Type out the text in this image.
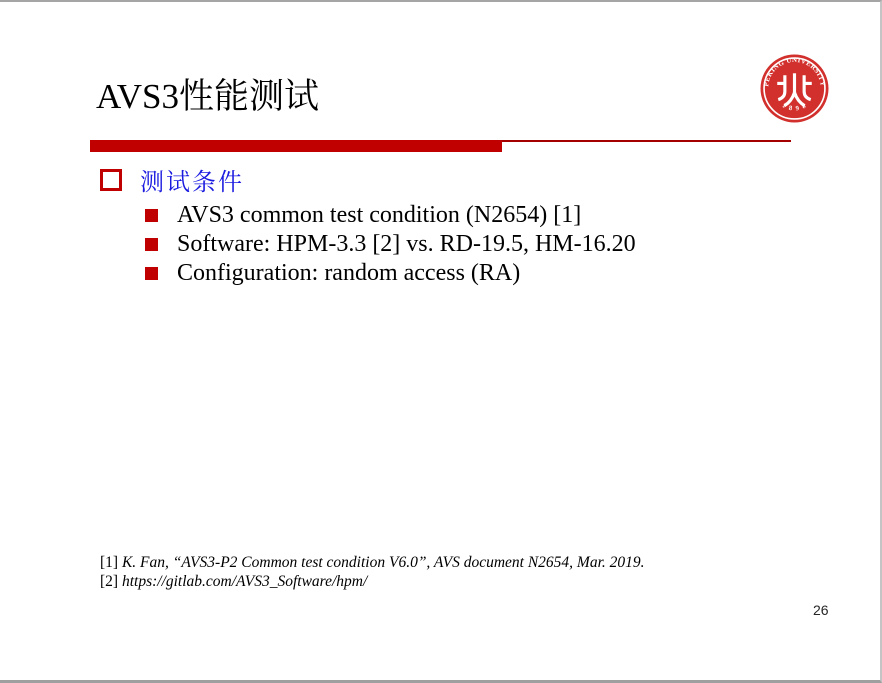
AVS3性能测试	PEKING UNIVERSITY
1 8 9 8
测试条件
AVS3 common test condition (N2654) [1]
Software: HPM-3.3 [2] vs. RD-19.5, HM-16.20
Configuration: random access (RA)
[1] K. Fan, “AVS3-P2 Common test condition V6.0”, AVS document N2654, Mar. 2019.
[2] https://gitlab.com/AVS3_Software/hpm/
26
